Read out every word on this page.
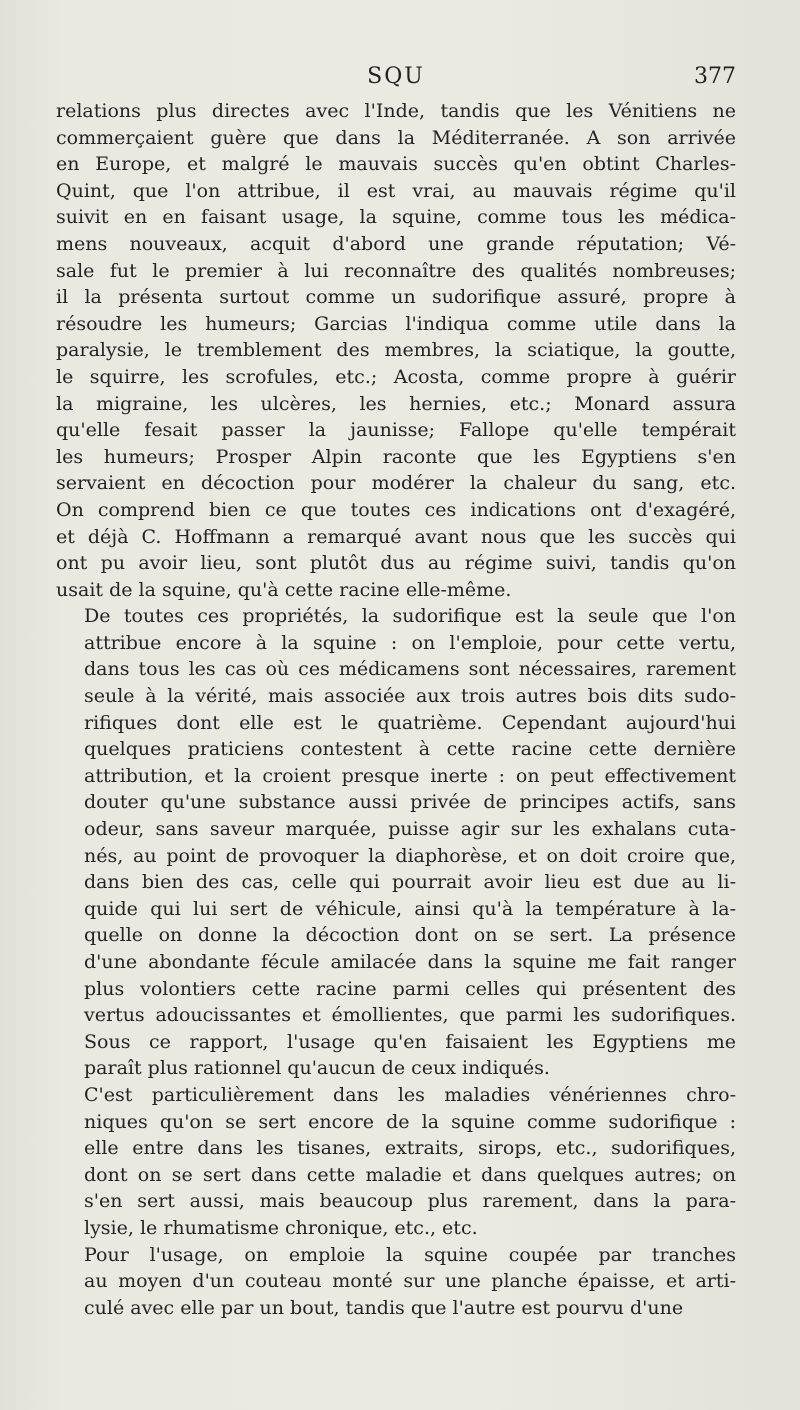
SQU	377
relations plus directes avec l'Inde, tandis que les Vénitiens ne
commerçaient guère que dans la Méditerranée. A son arrivée
en Europe, et malgré le mauvais succès qu'en obtint Charles-
Quint, que l'on attribue, il est vrai, au mauvais régime qu'il
suivit en en faisant usage, la squine, comme tous les médica-
mens nouveaux, acquit d'abord une grande réputation; Vé-
sale fut le premier à lui reconnaître des qualités nombreuses;
il la présenta surtout comme un sudorifique assuré, propre à
résoudre les humeurs; Garcias l'indiqua comme utile dans la
paralysie, le tremblement des membres, la sciatique, la goutte,
le squirre, les scrofules, etc.; Acosta, comme propre à guérir
la migraine, les ulcères, les hernies, etc.; Monard assura
qu'elle fesait passer la jaunisse; Fallope qu'elle tempérait
les humeurs; Prosper Alpin raconte que les Egyptiens s'en
servaient en décoction pour modérer la chaleur du sang, etc.
On comprend bien ce que toutes ces indications ont d'exagéré,
et déjà C. Hoffmann a remarqué avant nous que les succès qui
ont pu avoir lieu, sont plutôt dus au régime suivi, tandis qu'on
usait de la squine, qu'à cette racine elle-même.
De toutes ces propriétés, la sudorifique est la seule que l'on
attribue encore à la squine : on l'emploie, pour cette vertu,
dans tous les cas où ces médicamens sont nécessaires, rarement
seule à la vérité, mais associée aux trois autres bois dits sudo-
rifiques dont elle est le quatrième. Cependant aujourd'hui
quelques praticiens contestent à cette racine cette dernière
attribution, et la croient presque inerte : on peut effectivement
douter qu'une substance aussi privée de principes actifs, sans
odeur, sans saveur marquée, puisse agir sur les exhalans cuta-
nés, au point de provoquer la diaphorèse, et on doit croire que,
dans bien des cas, celle qui pourrait avoir lieu est due au li-
quide qui lui sert de véhicule, ainsi qu'à la température à la-
quelle on donne la décoction dont on se sert. La présence
d'une abondante fécule amilacée dans la squine me fait ranger
plus volontiers cette racine parmi celles qui présentent des
vertus adoucissantes et émollientes, que parmi les sudorifiques.
Sous ce rapport, l'usage qu'en faisaient les Egyptiens me
paraît plus rationnel qu'aucun de ceux indiqués.
C'est particulièrement dans les maladies vénériennes chro-
niques qu'on se sert encore de la squine comme sudorifique :
elle entre dans les tisanes, extraits, sirops, etc., sudorifiques,
dont on se sert dans cette maladie et dans quelques autres; on
s'en sert aussi, mais beaucoup plus rarement, dans la para-
lysie, le rhumatisme chronique, etc., etc.
Pour l'usage, on emploie la squine coupée par tranches
au moyen d'un couteau monté sur une planche épaisse, et arti-
culé avec elle par un bout, tandis que l'autre est pourvu d'une
